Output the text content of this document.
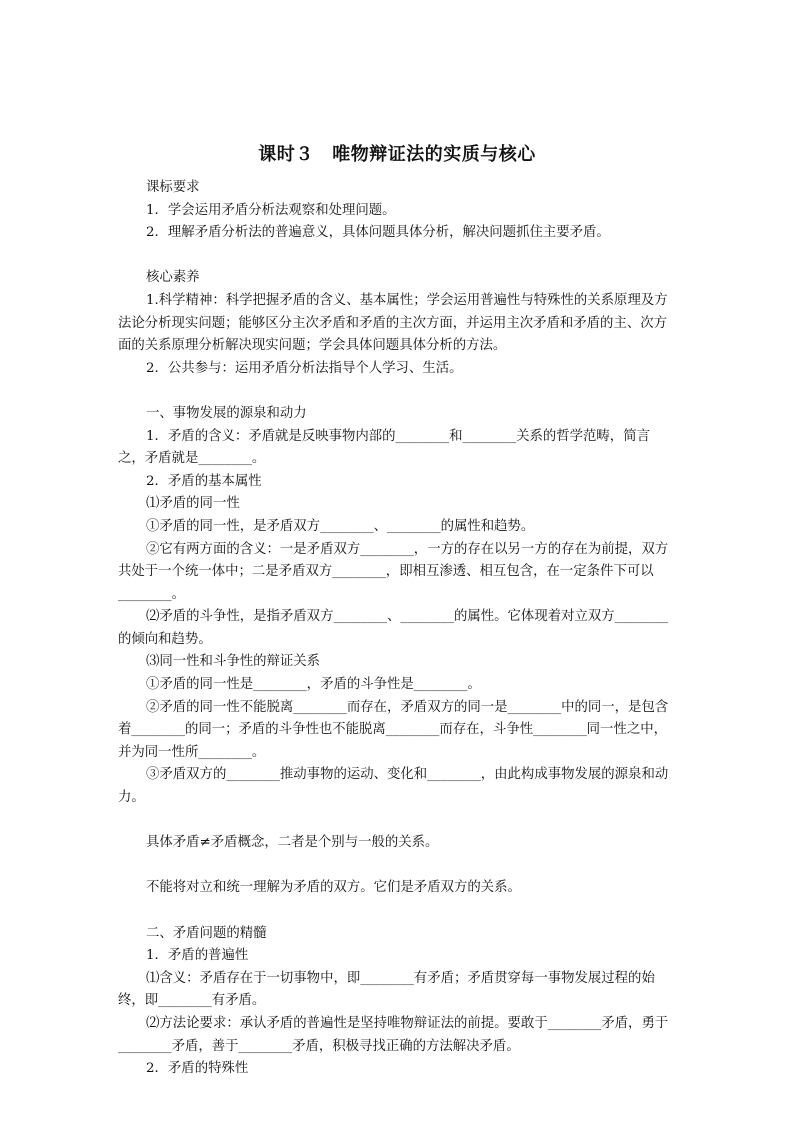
课时３　唯物辩证法的实质与核心

课标要求

1．学会运用矛盾分析法观察和处理问题。

2．理解矛盾分析法的普遍意义，具体问题具体分析，解决问题抓住主要矛盾。

核心素养

1.科学精神：科学把握矛盾的含义、基本属性；学会运用普遍性与特殊性的关系原理及方法论分析现实问题；能够区分主次矛盾和矛盾的主次方面，并运用主次矛盾和矛盾的主、次方面的关系原理分析解决现实问题；学会具体问题具体分析的方法。

2．公共参与：运用矛盾分析法指导个人学习、生活。

一、事物发展的源泉和动力

1．矛盾的含义：矛盾就是反映事物内部的________和________关系的哲学范畴，简言之，矛盾就是________。

2．矛盾的基本属性

⑴矛盾的同一性

①矛盾的同一性，是矛盾双方________、________的属性和趋势。

②它有两方面的含义：一是矛盾双方________，一方的存在以另一方的存在为前提，双方共处于一个统一体中；二是矛盾双方________，即相互渗透、相互包含，在一定条件下可以________。

⑵矛盾的斗争性，是指矛盾双方________、________的属性。它体现着对立双方________的倾向和趋势。

⑶同一性和斗争性的辩证关系

①矛盾的同一性是________，矛盾的斗争性是________。

②矛盾的同一性不能脱离________而存在，矛盾双方的同一是________中的同一，是包含着________的同一；矛盾的斗争性也不能脱离________而存在，斗争性________同一性之中，并为同一性所________。

③矛盾双方的________推动事物的运动、变化和________，由此构成事物发展的源泉和动力。

具体矛盾≠矛盾概念，二者是个别与一般的关系。

不能将对立和统一理解为矛盾的双方。它们是矛盾双方的关系。

二、矛盾问题的精髓

1．矛盾的普遍性

⑴含义：矛盾存在于一切事物中，即________有矛盾；矛盾贯穿每一事物发展过程的始终，即________有矛盾。

⑵方法论要求：承认矛盾的普遍性是坚持唯物辩证法的前提。要敢于________矛盾，勇于________矛盾，善于________矛盾，积极寻找正确的方法解决矛盾。

2．矛盾的特殊性
